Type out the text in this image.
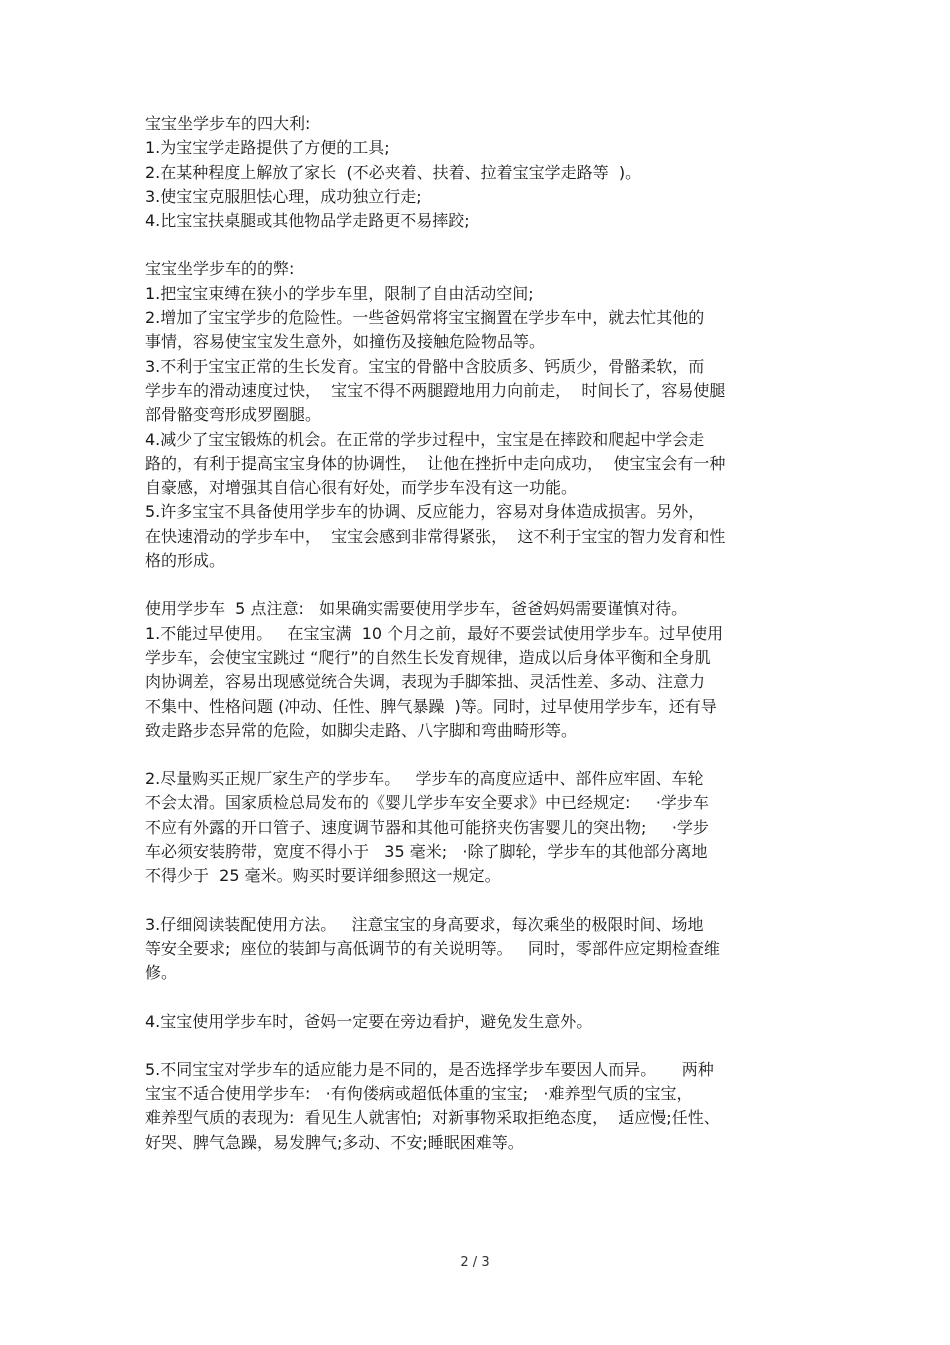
宝宝坐学步车的四大利:
1.为宝宝学走路提供了方便的工具;
2.在某种程度上解放了家长  (不必夹着、扶着、拉着宝宝学走路等  )。
3.使宝宝克服胆怯心理，成功独立行走;
4.比宝宝扶桌腿或其他物品学走路更不易摔跤;
宝宝坐学步车的的弊:
1.把宝宝束缚在狭小的学步车里，限制了自由活动空间;
2.增加了宝宝学步的危险性。一些爸妈常将宝宝搁置在学步车中，就去忙其他的
事情，容易使宝宝发生意外，如撞伤及接触危险物品等。
3.不利于宝宝正常的生长发育。宝宝的骨骼中含胶质多、钙质少，骨骼柔软，而
学步车的滑动速度过快，  宝宝不得不两腿蹬地用力向前走，  时间长了，容易使腿
部骨骼变弯形成罗圈腿。
4.减少了宝宝锻炼的机会。在正常的学步过程中，宝宝是在摔跤和爬起中学会走
路的，有利于提高宝宝身体的协调性，  让他在挫折中走向成功，  使宝宝会有一种
自豪感，对增强其自信心很有好处，而学步车没有这一功能。
5.许多宝宝不具备使用学步车的协调、反应能力，容易对身体造成损害。另外，
在快速滑动的学步车中，  宝宝会感到非常得紧张，  这不利于宝宝的智力发育和性
格的形成。
使用学步车  5 点注意:   如果确实需要使用学步车，爸爸妈妈需要谨慎对待。
1.不能过早使用。   在宝宝满  10 个月之前，最好不要尝试使用学步车。过早使用
学步车，会使宝宝跳过 “爬行”的自然生长发育规律，造成以后身体平衡和全身肌
肉协调差，容易出现感觉统合失调，表现为手脚笨拙、灵活性差、多动、注意力
不集中、性格问题 (冲动、任性、脾气暴躁  )等。同时，过早使用学步车，还有导
致走路步态异常的危险，如脚尖走路、八字脚和弯曲畸形等。
2.尽量购买正规厂家生产的学步车。   学步车的高度应适中、部件应牢固、车轮
不会太滑。国家质检总局发布的《婴儿学步车安全要求》中已经规定:     ·学步车
不应有外露的开口管子、速度调节器和其他可能挤夹伤害婴儿的突出物;     ·学步
车必须安装胯带，宽度不得小于   35 毫米;   ·除了脚轮，学步车的其他部分离地
不得少于  25 毫米。购买时要详细参照这一规定。
3.仔细阅读装配使用方法。   注意宝宝的身高要求，每次乘坐的极限时间、场地
等安全要求;  座位的装卸与高低调节的有关说明等。   同时，零部件应定期检查维
修。
4.宝宝使用学步车时，爸妈一定要在旁边看护，避免发生意外。
5.不同宝宝对学步车的适应能力是不同的，是否选择学步车要因人而异。     两种
宝宝不适合使用学步车:   ·有佝偻病或超低体重的宝宝;   ·难养型气质的宝宝，
难养型气质的表现为:  看见生人就害怕;  对新事物采取拒绝态度，  适应慢;任性、
好哭、脾气急躁，易发脾气;多动、不安;睡眠困难等。
2 / 3
